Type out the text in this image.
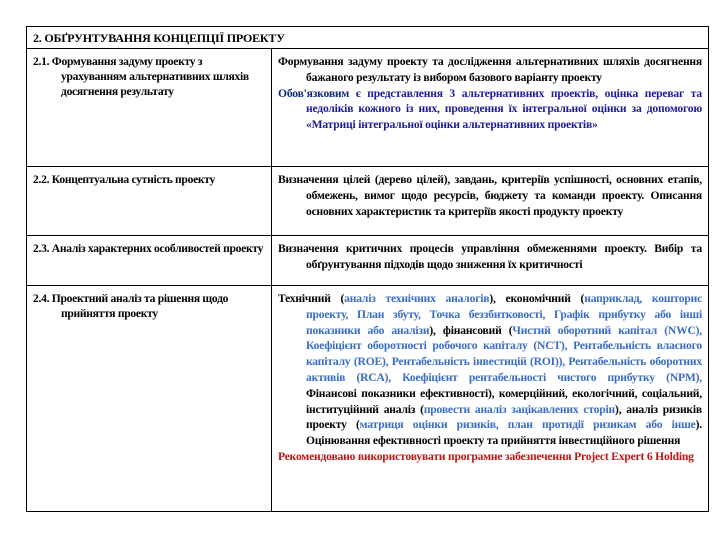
2. ОБҐРУНТУВАННЯ КОНЦЕПЦІЇ ПРОЕКТУ
2.1. Формування задуму проекту з урахуванням альтернативних шляхів досягнення результату

Формування задуму проекту та дослідження альтернативних шляхів досягнення бажаного результату із вибором базового варіанту проекту

Обов'язковим є представлення 3 альтернативних проектів, оцінка переваг та недоліків кожного із них, проведення їх інтегральної оцінки за допомогою «Матриці інтегральної оцінки альтернативних проектів»

2.2. Концептуальна сутність проекту	Визначення цілей (дерево цілей), завдань, критеріїв успішності, основних етапів, обмежень, вимог щодо ресурсів, бюджету та команди проекту. Описання основних характеристик та критеріїв якості продукту проекту

2.3. Аналіз характерних особливостей проекту	Визначення критичних процесів управління обмеженнями проекту. Вибір та обґрунтування підходів щодо зниження їх критичності

2.4. Проектний аналіз та рішення щодо прийняття проекту

Технічний (аналіз технічних аналогів), економічний (наприклад, кошторис проекту, План збуту, Точка беззбитковості, Графік прибутку або інші показники або аналізи), фінансовий (Чистий оборотний капітал (NWC), Коефіцієнт оборотності робочого капіталу (NCT), Рентабельність власного капіталу (ROE), Рентабельність інвестицій (ROI)), Рентабельність оборотних активів (RCA), Коефіцієнт рентабельності чистого прибутку (NPM), Фінансові показники ефективності), комерційний, екологічний, соціальний, інституційний аналіз (провести аналіз зацікавлених сторін), аналіз ризиків проекту (матриця оцінки ризиків, план протидії ризикам або інше). Оцінювання ефективності проекту та прийняття інвестиційного рішення

Рекомендовано використовувати програмне забезпечення Project Expert 6 Holding
